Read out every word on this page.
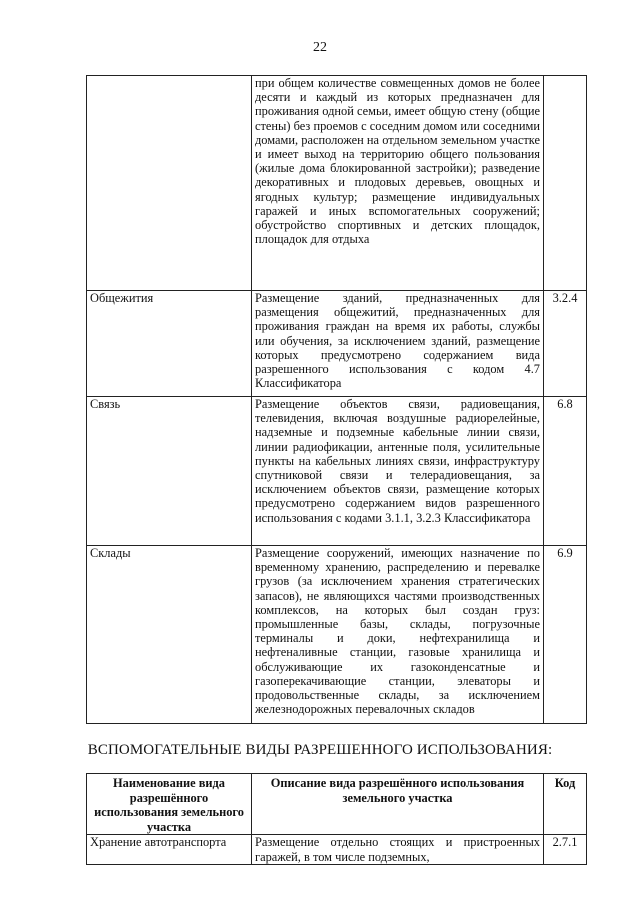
22
	при общем количестве совмещенных домов не более десяти и каждый из которых предназначен для проживания одной семьи, имеет общую стену (общие стены) без проемов с соседним домом или соседними домами, расположен на отдельном земельном участке и имеет выход на территорию общего пользования (жилые дома блокированной застройки); разведение декоративных и плодовых деревьев, овощных и ягодных культур; размещение индивидуальных гаражей и иных вспомогательных сооружений; обустройство спортивных и детских площадок, площадок для отдыха	
Общежития	Размещение зданий, предназначенных для размещения общежитий, предназначенных для проживания граждан на время их работы, службы или обучения, за исключением зданий, размещение которых предусмотрено содержанием вида разрешенного использования с кодом 4.7 Классификатора	3.2.4
Связь	Размещение объектов связи, радиовещания, телевидения, включая воздушные радиорелейные, надземные и подземные кабельные линии связи, линии радиофикации, антенные поля, усилительные пункты на кабельных линиях связи, инфраструктуру спутниковой связи и телерадиовещания, за исключением объектов связи, размещение которых предусмотрено содержанием видов разрешенного использования с кодами 3.1.1, 3.2.3 Классификатора	6.8
Склады	Размещение сооружений, имеющих назначение по временному хранению, распределению и перевалке грузов (за исключением хранения стратегических запасов), не являющихся частями производственных комплексов, на которых был создан груз: промышленные базы, склады, погрузочные терминалы и доки, нефтехранилища и нефтеналивные станции, газовые хранилища и обслуживающие их газоконденсатные и газоперекачивающие станции, элеваторы и продовольственные склады, за исключением железнодорожных перевалочных складов	6.9
ВСПОМОГАТЕЛЬНЫЕ ВИДЫ РАЗРЕШЕННОГО ИСПОЛЬЗОВАНИЯ:
Наименование вида разрешённого использования земельного участка	Описание вида разрешённого использования земельного участка	Код
Хранение автотранспорта	Размещение отдельно стоящих и пристроенных гаражей, в том числе подземных,	2.7.1
